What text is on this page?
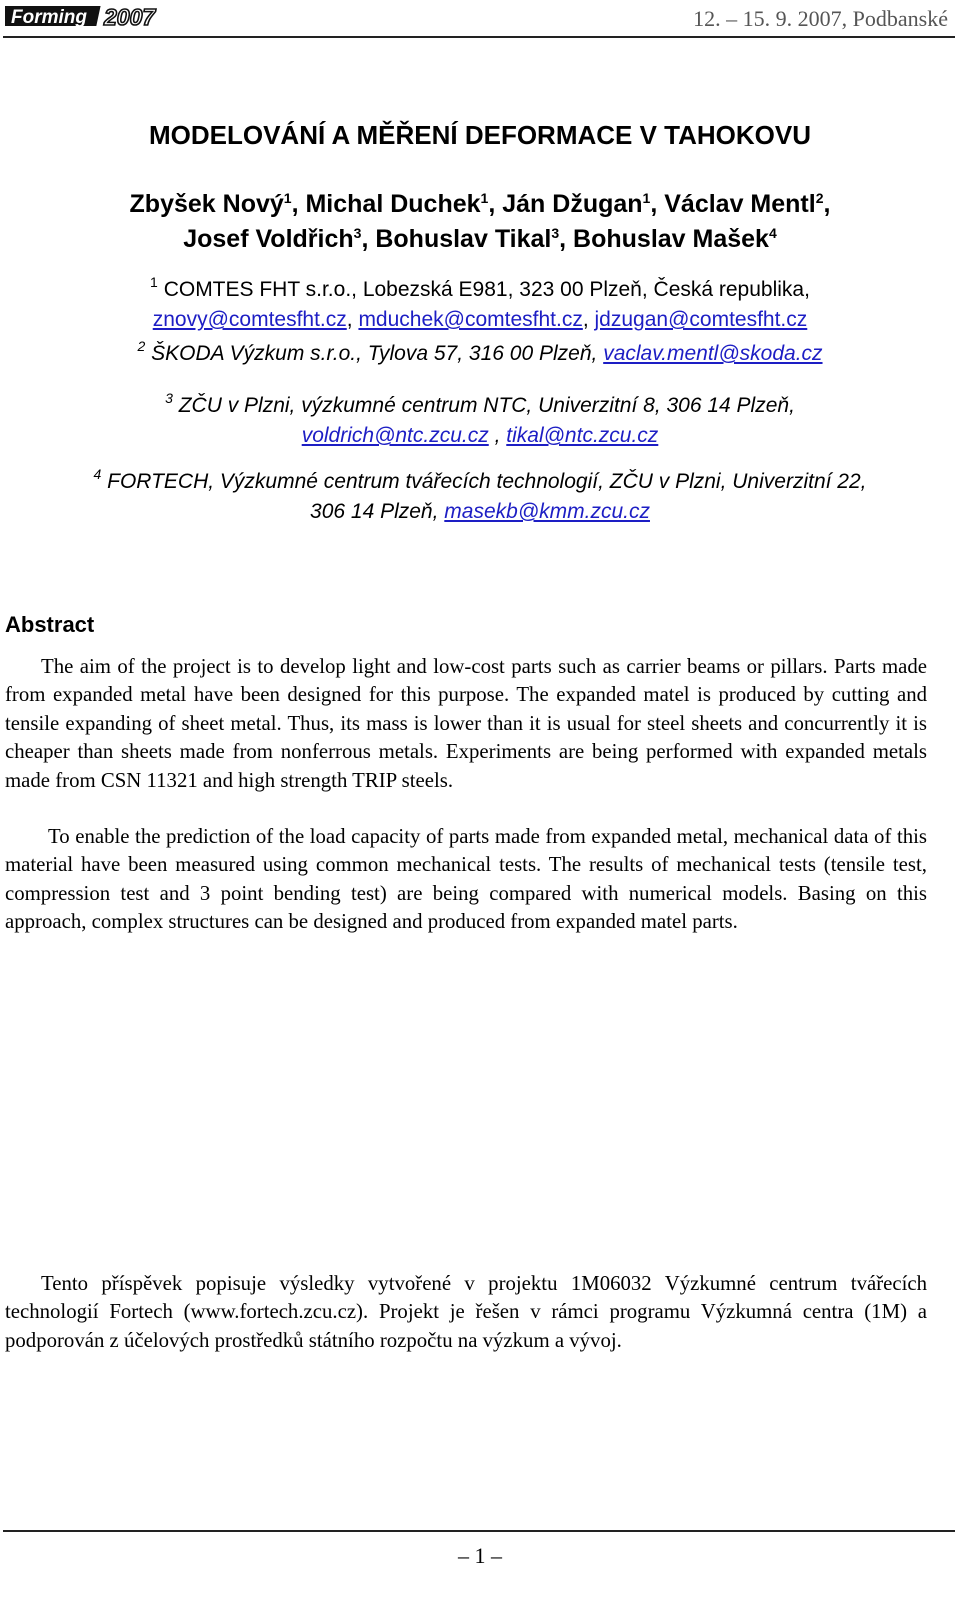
Forming 2007	12. – 15. 9. 2007, Podbanské
MODELOVÁNÍ A MĚŘENÍ DEFORMACE V TAHOKOVU
Zbyšek Nový$^1$, Michal Duchek$^1$, Ján Džugan$^1$, Václav Mentl$^2$,
Josef Voldřich$^3$, Bohuslav Tikal$^3$, Bohuslav Mašek$^4$
$^1$ COMTES FHT s.r.o., Lobezská E981, 323 00 Plzeň, Česká republika,
znovy@comtesfht.cz, mduchek@comtesfht.cz, jdzugan@comtesfht.cz
$^2$ ŠKODA Výzkum s.r.o., Tylova 57, 316 00 Plzeň, vaclav.mentl@skoda.cz
$^3$ ZČU v Plzni, výzkumné centrum NTC, Univerzitní 8, 306 14 Plzeň,
voldrich@ntc.zcu.cz , tikal@ntc.zcu.cz
$^4$ FORTECH, Výzkumné centrum tvářecích technologií, ZČU v Plzni, Univerzitní 22,
306 14 Plzeň, masekb@kmm.zcu.cz
Abstract

The aim of the project is to develop light and low-cost parts such as carrier beams or pillars. Parts made from expanded metal have been designed for this purpose. The expanded matel is produced by cutting and tensile expanding of sheet metal. Thus, its mass is lower than it is usual for steel sheets and concurrently it is cheaper than sheets made from nonferrous metals. Experiments are being performed with expanded metals made from CSN 11321 and high strength TRIP steels.

To enable the prediction of the load capacity of parts made from expanded metal, mechanical data of this material have been measured using common mechanical tests. The results of mechanical tests (tensile test, compression test and 3 point bending test) are being compared with numerical models. Basing on this approach, complex structures can be designed and produced from expanded matel parts.

Tento příspěvek popisuje výsledky vytvořené v projektu 1M06032 Výzkumné centrum tvářecích technologií Fortech (www.fortech.zcu.cz). Projekt je řešen v rámci programu Výzkumná centra (1M) a podporován z účelových prostředků státního rozpočtu na výzkum a vývoj.

– 1 –
